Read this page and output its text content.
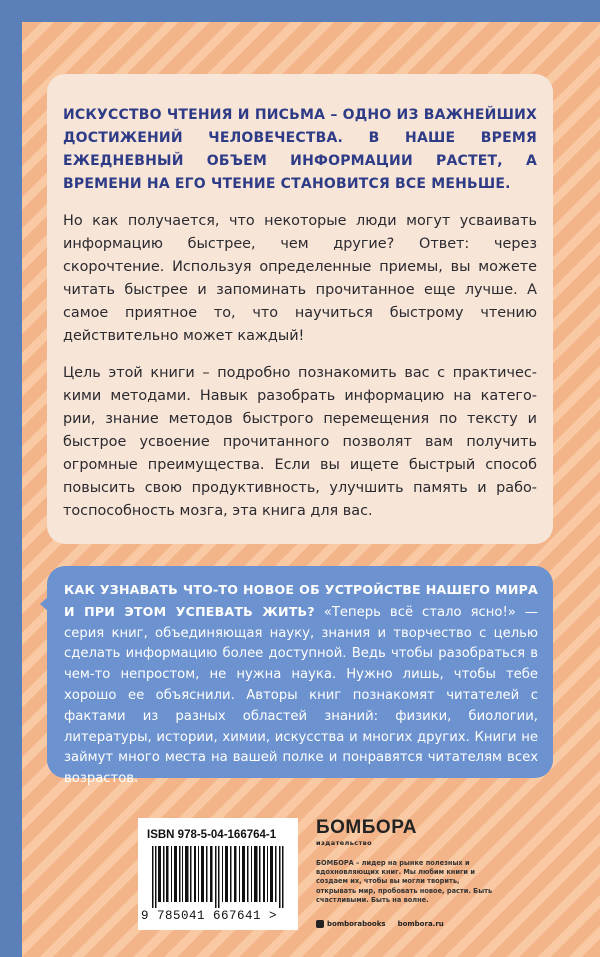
ИСКУССТВО ЧТЕНИЯ И ПИСЬМА – ОДНО ИЗ ВАЖНЕЙШИХ ДОСТИЖЕНИЙ ЧЕЛОВЕЧЕСТВА. В НАШЕ ВРЕМЯ ЕЖЕДНЕВНЫЙ ОБЪЕМ ИНФОРМАЦИИ РАСТЕТ, А ВРЕМЕНИ НА ЕГО ЧТЕНИЕ СТАНОВИТСЯ ВСЕ МЕНЬШЕ.

Но как получается, что некоторые люди могут усваивать информацию быстрее, чем другие? Ответ: через скорочтение. Используя определенные приемы, вы можете читать быстрее и запоминать прочитанное еще лучше. А самое приятное то, что научиться быстрому чтению действительно может каждый!

Цель этой книги – подробно познакомить вас с практическими методами. Навык разобрать информацию на категории, знание методов быстрого перемещения по тексту и быстрое усвоение прочитанного позволят вам получить огромные преимущества. Если вы ищете быстрый способ повысить свою продуктивность, улучшить память и работоспособность мозга, эта книга для вас.

КАК УЗНАВАТЬ ЧТО-ТО НОВОЕ ОБ УСТРОЙСТВЕ НАШЕГО МИРА И ПРИ ЭТОМ УСПЕВАТЬ ЖИТЬ? «Теперь всё стало ясно!» — серия книг, объединяющая науку, знания и творчество с целью сделать информацию более доступной. Ведь чтобы разобраться в чем-то непростом, не нужна наука. Нужно лишь, чтобы тебе хорошо ее объяснили. Авторы книг познакомят читателей с фактами из разных областей знаний: физики, биологии, литературы, истории, химии, искусства и многих других. Книги не займут много места на вашей полке и понравятся читателям всех возрастов.
ISBN 978-5-04-166764-1
9 785041 667641 >
БОМБОРА
издательство
БОМБОРА – лидер на рынке полезных и вдохновляющих книг. Мы любим книги и создаем их, чтобы вы могли творить, открывать мир, пробовать новое, расти. Быть счастливыми. Быть на волне.
bomborabooks bombora.ru
